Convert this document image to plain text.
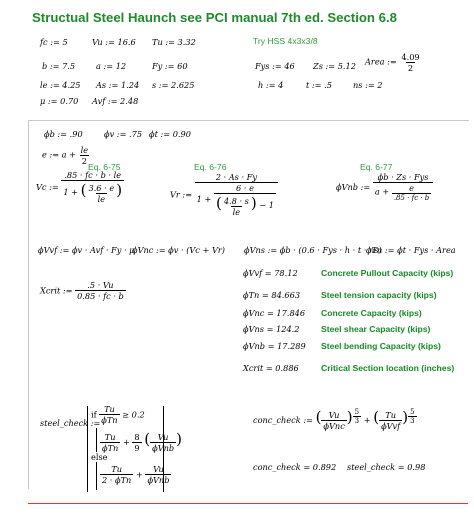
Structual Steel Haunch see PCI manual 7th ed. Section 6.8
fc := 5	Vu := 16.6 Tu := 3.32	Try HSS 4x3x3/8
b := 7.5	a := 12	Fy := 60	Fys := 46 Zs := 5.12 Area := $\frac{4.09}{2}$
le := 4.25 As := 1.24 s := 2.625	h := 4	t := .5	ns := 2
μ := 0.70 Avf := 2.48
ϕb := .90	ϕv := .75 ϕt := 0.90
e := $a + \frac{le}{2}$
Eq. 6-75	Eq. 6-76	Eq. 6-77
Vc := $\frac{.85 \cdot fc \cdot b \cdot le}{1 + ( \frac{3.6 \cdot e}{le} )}$	Vr :=
2 · As · Fy
$1 + \frac{6 \cdot e}{( \frac{4.8 \cdot s}{le} ) - 1}$	ϕVnb := $\frac{\text{ϕb · Zs · Fys}}{a + \frac{e}{.85 \cdot fc \cdot b}}$
ϕVvf := ϕv · Avf · Fy · μ
ϕVnc := ϕv · (Vc + Vr) ϕVns := ϕb · (0.6 · Fys · h · t · ns)
ϕTn := ϕt · Fys · Area
Xcrit := $\frac{.5 \cdot Vu}{0.85 \cdot fc \cdot b}$
ϕVvf = 78.12	Concrete Pullout Capacity (kips)
ϕTn = 84.663 Steel tension capacity (kips)
ϕVnc = 17.846 Concrete Capacity (kips)
ϕVns = 124.2	Steel shear Capacity (kips)
ϕVnb = 17.289 Steel bending Capacity (kips)
Xcrit = 0.886	Critical Section location (inches)
steel_check :=
if $\frac{Tu}{\text{ϕTn}} \ge 0.2$
$\frac{Tu}{\text{ϕTn}} + \frac{8}{9}$ ( $\frac{Vu}{\text{ϕVnb}}$ )
else
$\frac{Tu}{\text{2 · ϕTn}} + \frac{Vu}{\text{ϕVnb}}$
conc_check := ( $\frac{Vu}{\text{ϕVnc}}$ ) $^{\frac{5}{3}}$ + ( $\frac{Tu}{\text{ϕVvf}}$ ) $^{\frac{5}{3}}$
conc_check = 0.892 steel_check = 0.98
